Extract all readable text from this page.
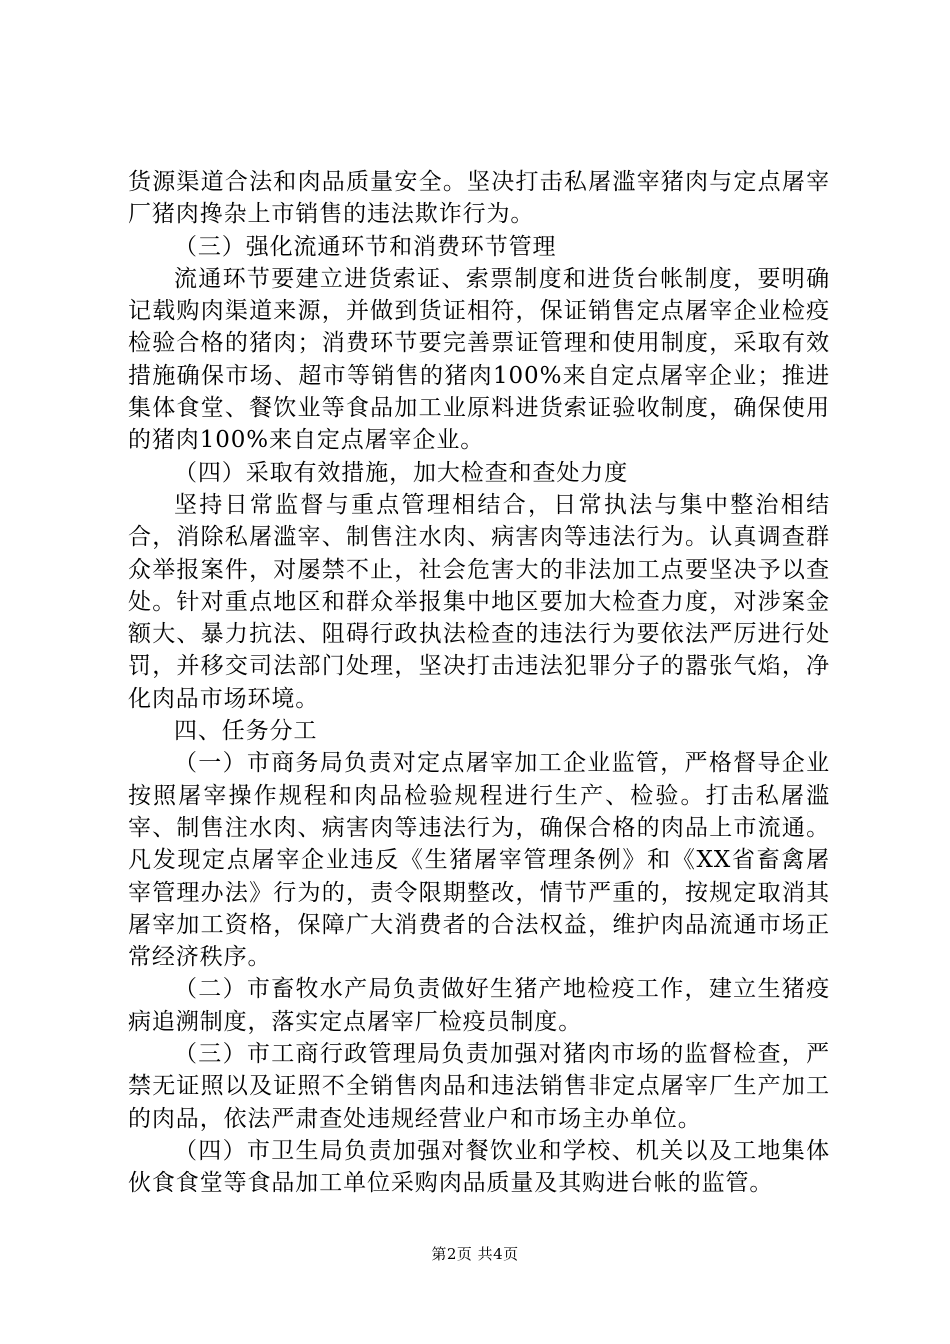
货源渠道合法和肉品质量安全。坚决打击私屠滥宰猪肉与定点屠宰厂猪肉搀杂上市销售的违法欺诈行为。

（三）强化流通环节和消费环节管理

流通环节要建立进货索证、索票制度和进货台帐制度，要明确记载购肉渠道来源，并做到货证相符，保证销售定点屠宰企业检疫检验合格的猪肉；消费环节要完善票证管理和使用制度，采取有效措施确保市场、超市等销售的猪肉100%来自定点屠宰企业；推进集体食堂、餐饮业等食品加工业原料进货索证验收制度，确保使用的猪肉100%来自定点屠宰企业。

（四）采取有效措施，加大检查和查处力度

坚持日常监督与重点管理相结合，日常执法与集中整治相结合，消除私屠滥宰、制售注水肉、病害肉等违法行为。认真调查群众举报案件，对屡禁不止，社会危害大的非法加工点要坚决予以查处。针对重点地区和群众举报集中地区要加大检查力度，对涉案金额大、暴力抗法、阻碍行政执法检查的违法行为要依法严厉进行处罚，并移交司法部门处理，坚决打击违法犯罪分子的嚣张气焰，净化肉品市场环境。

四、任务分工

（一）市商务局负责对定点屠宰加工企业监管，严格督导企业按照屠宰操作规程和肉品检验规程进行生产、检验。打击私屠滥宰、制售注水肉、病害肉等违法行为，确保合格的肉品上市流通。凡发现定点屠宰企业违反《生猪屠宰管理条例》和《XX省畜禽屠宰管理办法》行为的，责令限期整改，情节严重的，按规定取消其屠宰加工资格，保障广大消费者的合法权益，维护肉品流通市场正常经济秩序。

（二）市畜牧水产局负责做好生猪产地检疫工作，建立生猪疫病追溯制度，落实定点屠宰厂检疫员制度。

（三）市工商行政管理局负责加强对猪肉市场的监督检查，严禁无证照以及证照不全销售肉品和违法销售非定点屠宰厂生产加工的肉品，依法严肃查处违规经营业户和市场主办单位。

（四）市卫生局负责加强对餐饮业和学校、机关以及工地集体伙食食堂等食品加工单位采购肉品质量及其购进台帐的监管。

第2页 共4页
